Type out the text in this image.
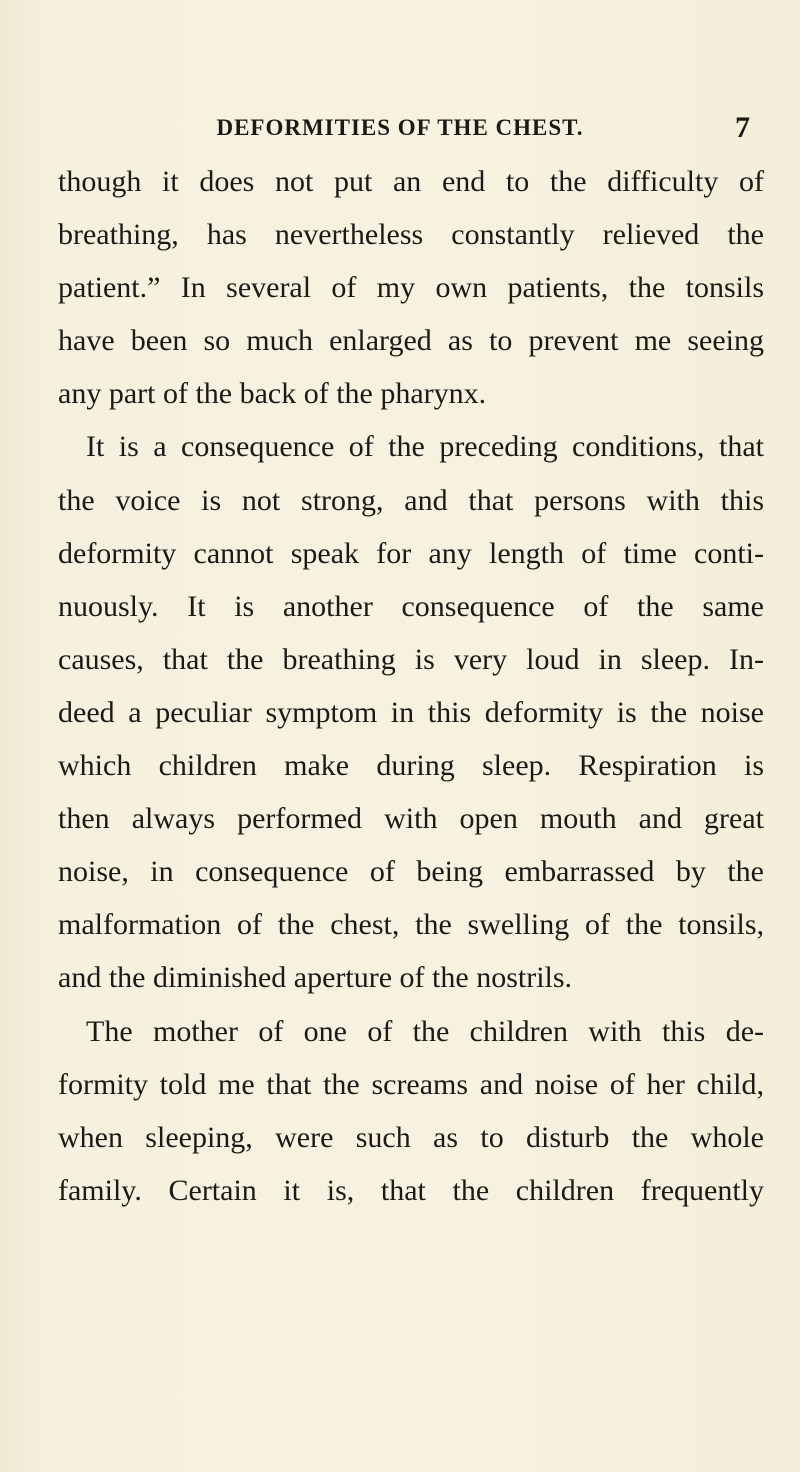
DEFORMITIES OF THE CHEST.	7
though it does not put an end to the difficulty of
breathing, has nevertheless constantly relieved the
patient.” In several of my own patients, the tonsils
have been so much enlarged as to prevent me seeing
any part of the back of the pharynx.
It is a consequence of the preceding conditions, that
the voice is not strong, and that persons with this
deformity cannot speak for any length of time conti-
nuously. It is another consequence of the same
causes, that the breathing is very loud in sleep. In-
deed a peculiar symptom in this deformity is the noise
which children make during sleep. Respiration is
then always performed with open mouth and great
noise, in consequence of being embarrassed by the
malformation of the chest, the swelling of the tonsils,
and the diminished aperture of the nostrils.
The mother of one of the children with this de-
formity told me that the screams and noise of her child,
when sleeping, were such as to disturb the whole
family. Certain it is, that the children frequently
